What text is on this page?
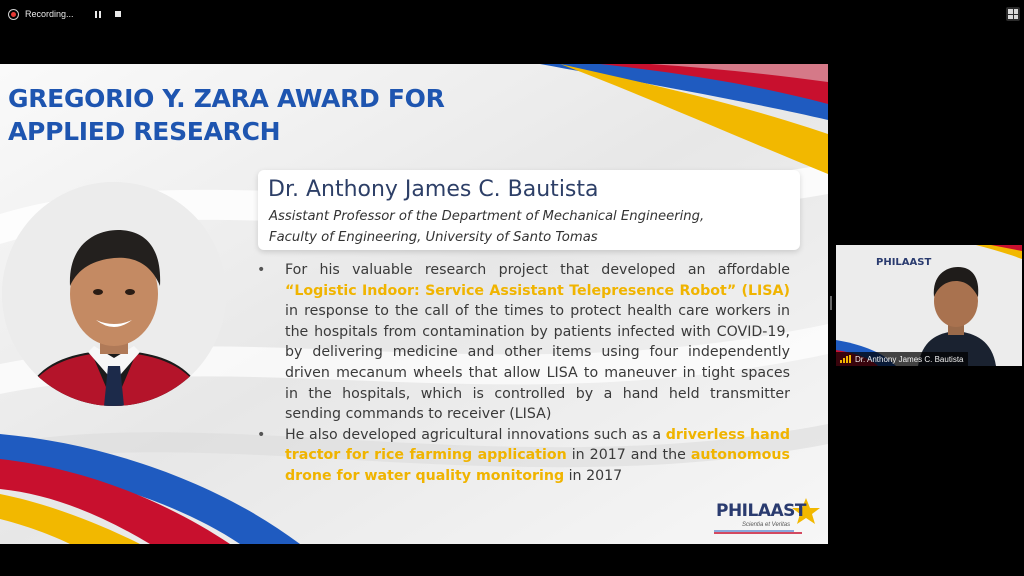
Recording...
GREGORIO Y. ZARA AWARD FOR
APPLIED RESEARCH
Dr. Anthony James C. Bautista
Assistant Professor of the Department of Mechanical Engineering,
Faculty of Engineering, University of Santo Tomas
• For his valuable research project that developed an affordable “Logistic Indoor: Service Assistant Telepresence Robot” (LISA) in response to the call of the times to protect health care workers in the hospitals from contamination by patients infected with COVID-19, by delivering medicine and other items using four independently driven mecanum wheels that allow LISA to maneuver in tight spaces in the hospitals, which is controlled by a hand held transmitter sending commands to receiver (LISA)
• He also developed agricultural innovations such as a driverless hand tractor for rice farming application in 2017 and the autonomous drone for water quality monitoring in 2017
PHILAAST
Scientia et Veritas
PHILAAST
Dr. Anthony James C. Bautista
